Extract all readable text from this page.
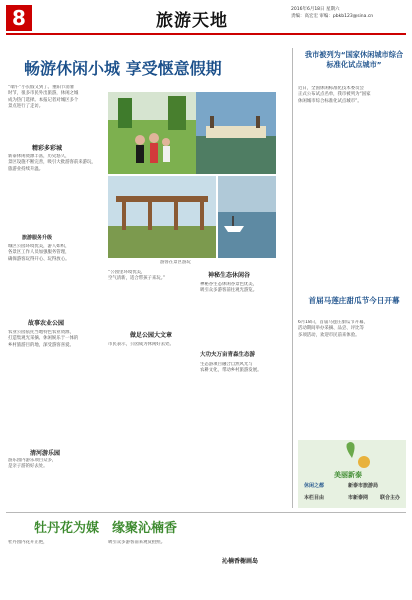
8	旅游天地
2016年6月18日 星期六
责编：高宏宏 审编：pbkb123@sina.cn
畅游休闲小城 享受惬意假期
“端午”小长假又到了。重阳节消暑
时节，很多市民外出旅游，休闲之城
成为热门选择。本报记者对城区多个
景点进行了走访。
精彩多彩城
新泰休闲资源丰富，历史悠久，
景区设施不断完善，吸引大批游客前来游玩，
旅游业持续升温。
旅游服务升级
城区公园环境优美，游人如织，
各景区工作人员加强服务管理，
确保游客玩得开心、玩得放心。
故事农业公园
农业公园依托当地特色农业资源，
打造集观光采摘、休闲娱乐于一体的
乡村旅游目的地，深受游客喜爱。
清河游乐园
游乐园内游乐项目众多，
是亲子游的好去处。
游客在景区游玩
“公园里环境优美，
空气清新，适合带孩子来玩。”
做足公园大文章
市民表示，公园成为休闲好去处。
神秘生态休闲谷
神秘谷生态休闲谷景色优美，
吸引众多游客前往观光游览。
大功夫万亩青森生态游
生态游项目融合自然风光与
农耕文化，带动乡村旅游发展。
我市被列为“国家休闲城市综合标准化试点城市”
近日，全国休闲标准化技术委员会
正式公布试点名单，我市被列为“国家
休闲城市综合标准化试点城市”。
首届马莲庄甜瓜节今日开幕
6月18日，首届马莲庄甜瓜节开幕，
活动期间举办采摘、品尝、评比等
多项活动，欢迎市民前来体验。
美丽新泰
休闲之都
本栏目由
新泰市旅游局
市新泰网 联合主办
牡丹花为媒 缘聚沁楠香
牡丹园内花开正艳，	吸引众多游客前来观赏拍照。
沁楠香榭画岛
